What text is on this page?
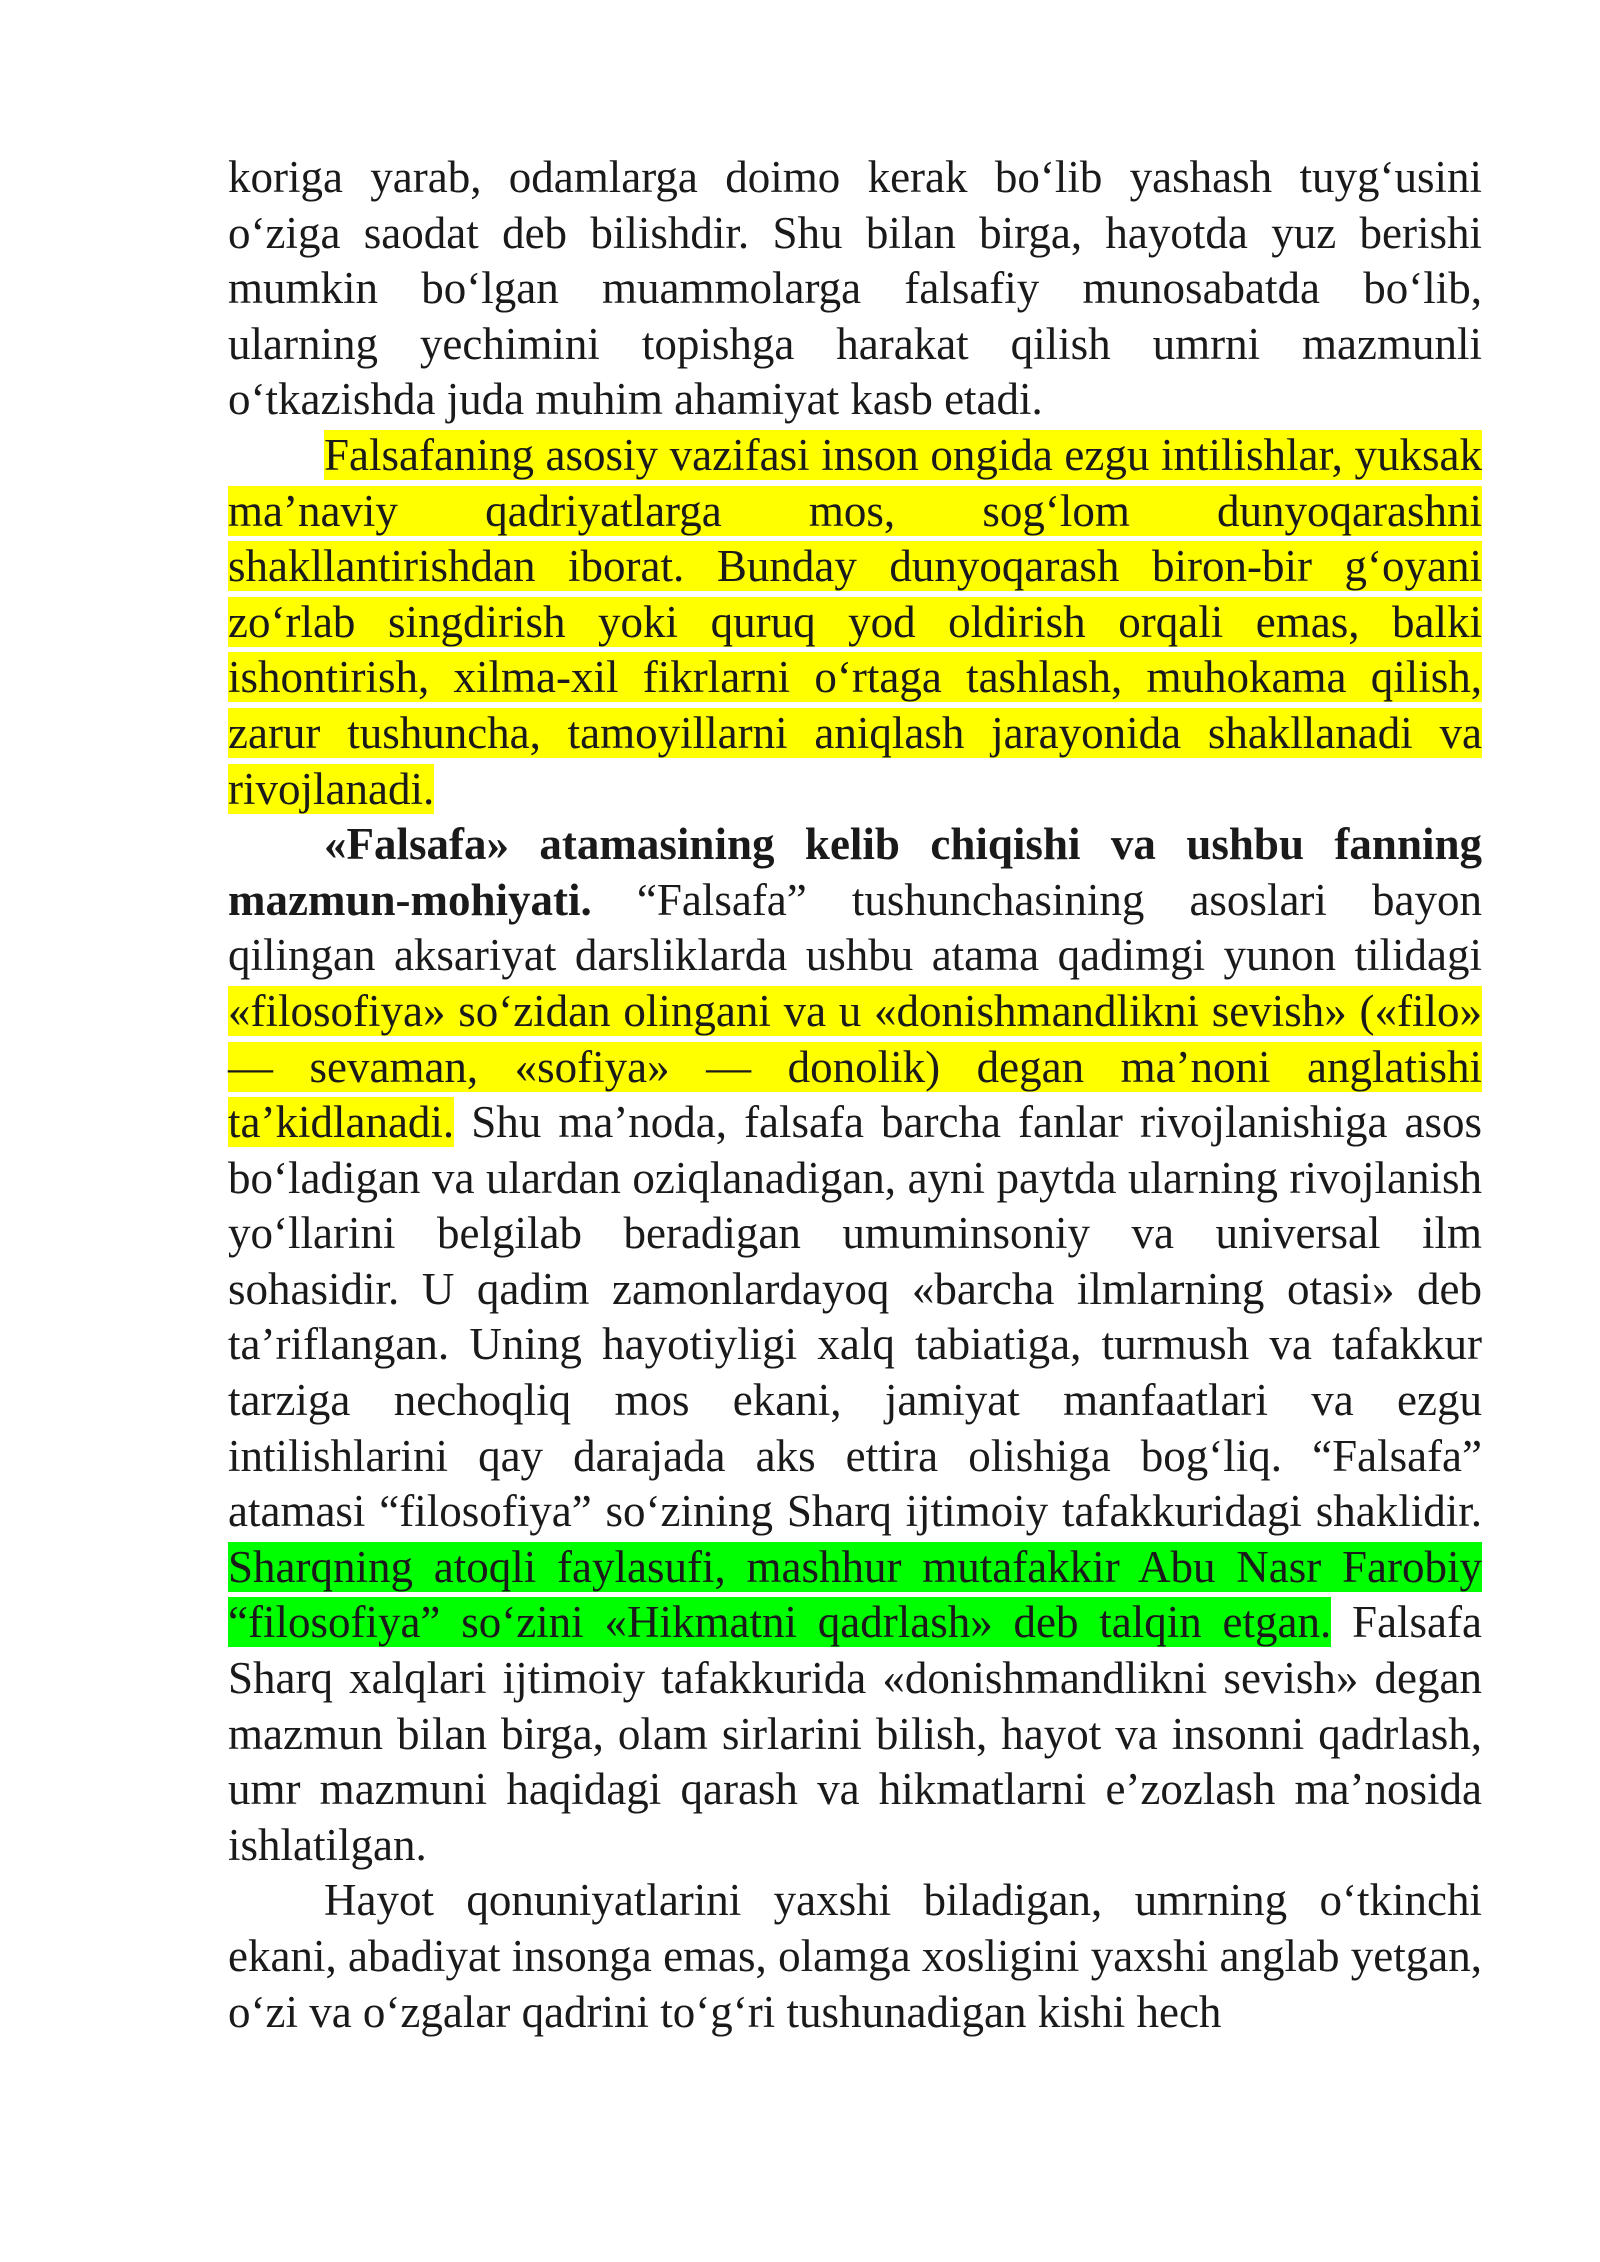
koriga yarab, odamlarga doimo kerak bo‘lib yashash tuyg‘usini o‘ziga saodat deb bilishdir. Shu bilan birga, hayotda yuz berishi mumkin bo‘lgan muammolarga falsafiy munosabatda bo‘lib, ularning yechimini topishga harakat qilish umrni mazmunli o‘tkazishda juda muhim ahamiyat kasb etadi.

Falsafaning asosiy vazifasi inson ongida ezgu intilishlar, yuksak ma’naviy qadriyatlarga mos, sog‘lom dunyoqarashni shakllantirishdan iborat. Bunday dunyoqarash biron-bir g‘oyani zo‘rlab singdirish yoki quruq yod oldirish orqali emas, balki ishontirish, xilma-xil fikrlarni o‘rtaga tashlash, muhokama qilish, zarur tushuncha, tamoyillarni aniqlash jarayonida shakllanadi va rivojlanadi.

«Falsafa» atamasining kelib chiqishi va ushbu fanning mazmun-mohiyati. “Falsafa” tushunchasining asoslari bayon qilingan aksariyat darsliklarda ushbu atama qadimgi yunon tilidagi «filosofiya» so‘zidan olingani va u «donishmandlikni sevish» («filo» — sevaman, «sofiya» — donolik) degan ma’noni anglatishi ta’kidlanadi. Shu ma’noda, falsafa barcha fanlar rivojlanishiga asos bo‘ladigan va ulardan oziqlanadigan, ayni paytda ularning rivojlanish yo‘llarini belgilab beradigan umuminsoniy va universal ilm sohasidir. U qadim zamonlardayoq «barcha ilmlarning otasi» deb ta’riflangan. Uning hayotiyligi xalq tabiatiga, turmush va tafakkur tarziga nechoqliq mos ekani, jamiyat manfaatlari va ezgu intilishlarini qay darajada aks ettira olishiga bog‘liq. “Falsafa” atamasi “filosofiya” so‘zining Sharq ijtimoiy tafakkuridagi shaklidir. Sharqning atoqli faylasufi, mashhur mutafakkir Abu Nasr Farobiy “filosofiya” so‘zini «Hikmatni qadrlash» deb talqin etgan. Falsafa Sharq xalqlari ijtimoiy tafakkurida «donishmandlikni sevish» degan mazmun bilan birga, olam sirlarini bilish, hayot va insonni qadrlash, umr mazmuni haqidagi qarash va hikmatlarni e’zozlash ma’nosida ishlatilgan.

Hayot qonuniyatlarini yaxshi biladigan, umrning o‘tkinchi ekani, abadiyat insonga emas, olamga xosligini yaxshi anglab yetgan, o‘zi va o‘zgalar qadrini to‘g‘ri tushunadigan kishi hech
